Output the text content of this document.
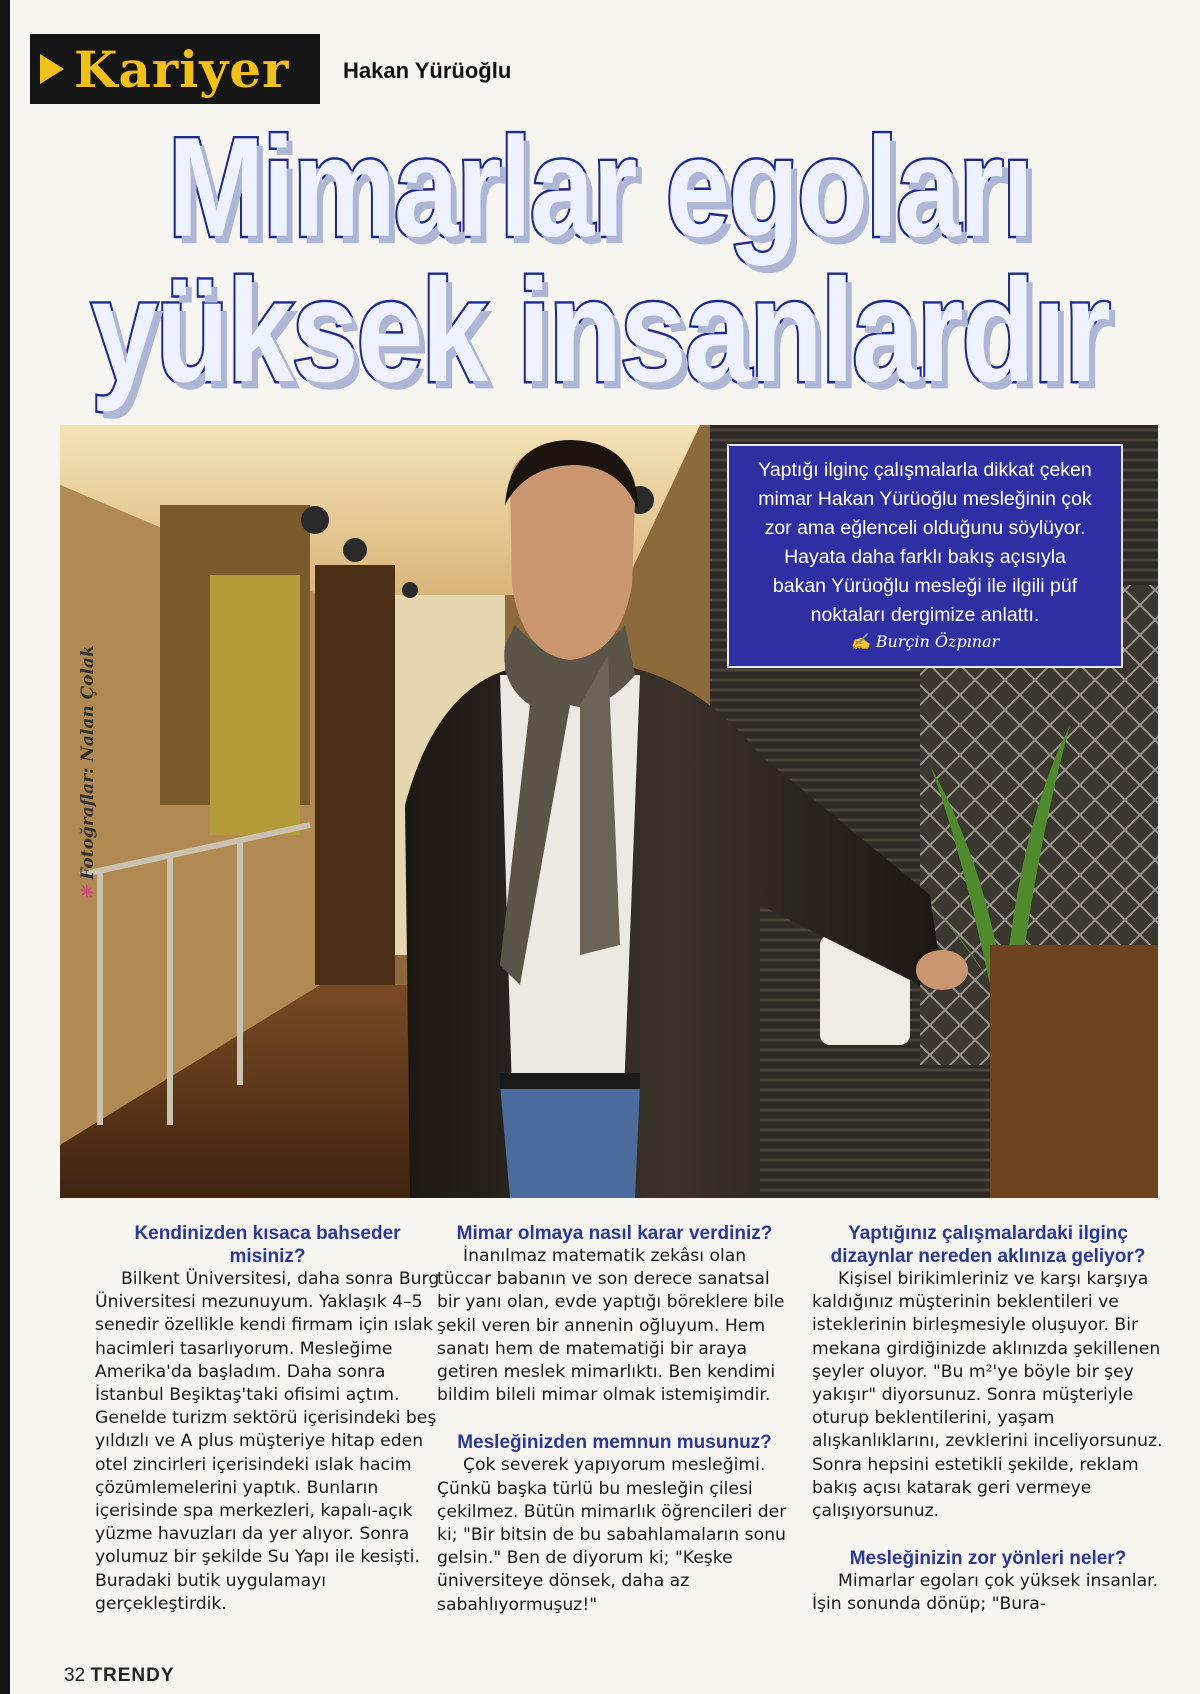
Kariyer Hakan Yürüoğlu
Mimarlar egoları
yüksek insanlardır
✳Fotoğraflar: Nalan Çolak
Yaptığı ilginç çalışmalarla dikkat çeken
mimar Hakan Yürüoğlu mesleğinin çok
zor ama eğlenceli olduğunu söylüyor.
Hayata daha farklı bakış açısıyla
bakan Yürüoğlu mesleği ile ilgili püf
noktaları dergimize anlattı.
✍ Burçin Özpınar
Kendinizden kısaca bahseder misiniz?

Bilkent Üniversitesi, daha sonra Burg Üniversitesi mezunuyum. Yaklaşık 4–5 senedir özellikle kendi firmam için ıslak hacimleri tasarlıyorum. Mesleğime Amerika'da başladım. Daha sonra İstanbul Beşiktaş'taki ofisimi açtım. Genelde turizm sektörü içerisindeki beş yıldızlı ve A plus müşteriye hitap eden otel zincirleri içerisindeki ıslak hacim çözümlemelerini yaptık. Bunların içerisinde spa merkezleri, kapalı-açık yüzme havuzları da yer alıyor. Sonra yolumuz bir şekilde Su Yapı ile kesişti. Buradaki butik uygulamayı gerçekleştirdik.

Mimar olmaya nasıl karar verdiniz?

İnanılmaz matematik zekâsı olan tüccar babanın ve son derece sanatsal bir yanı olan, evde yaptığı böreklere bile şekil veren bir annenin oğluyum. Hem sanatı hem de matematiği bir araya getiren meslek mimarlıktı. Ben kendimi bildim bileli mimar olmak istemişimdir.

Mesleğinizden memnun musunuz?

Çok severek yapıyorum mesleğimi. Çünkü başka türlü bu mesleğin çilesi çekilmez. Bütün mimarlık öğrencileri der ki; "Bir bitsin de bu sabahlamaların sonu gelsin." Ben de diyorum ki; "Keşke üniversiteye dönsek, daha az sabahlıyormuşuz!"

Yaptığınız çalışmalardaki ilginç dizaynlar nereden aklınıza geliyor?

Kişisel birikimleriniz ve karşı karşıya kaldığınız müşterinin beklentileri ve isteklerinin birleşmesiyle oluşuyor. Bir mekana girdiğinizde aklınızda şekillenen şeyler oluyor. "Bu m²'ye böyle bir şey yakışır" diyorsunuz. Sonra müşteriyle oturup beklentilerini, yaşam alışkanlıklarını, zevklerini inceliyorsunuz. Sonra hepsini estetikli şekilde, reklam bakış açısı katarak geri vermeye çalışıyorsunuz.

Mesleğinizin zor yönleri neler?

Mimarlar egoları çok yüksek insanlar. İşin sonunda dönüp; "Bura-

32 TRENDY
